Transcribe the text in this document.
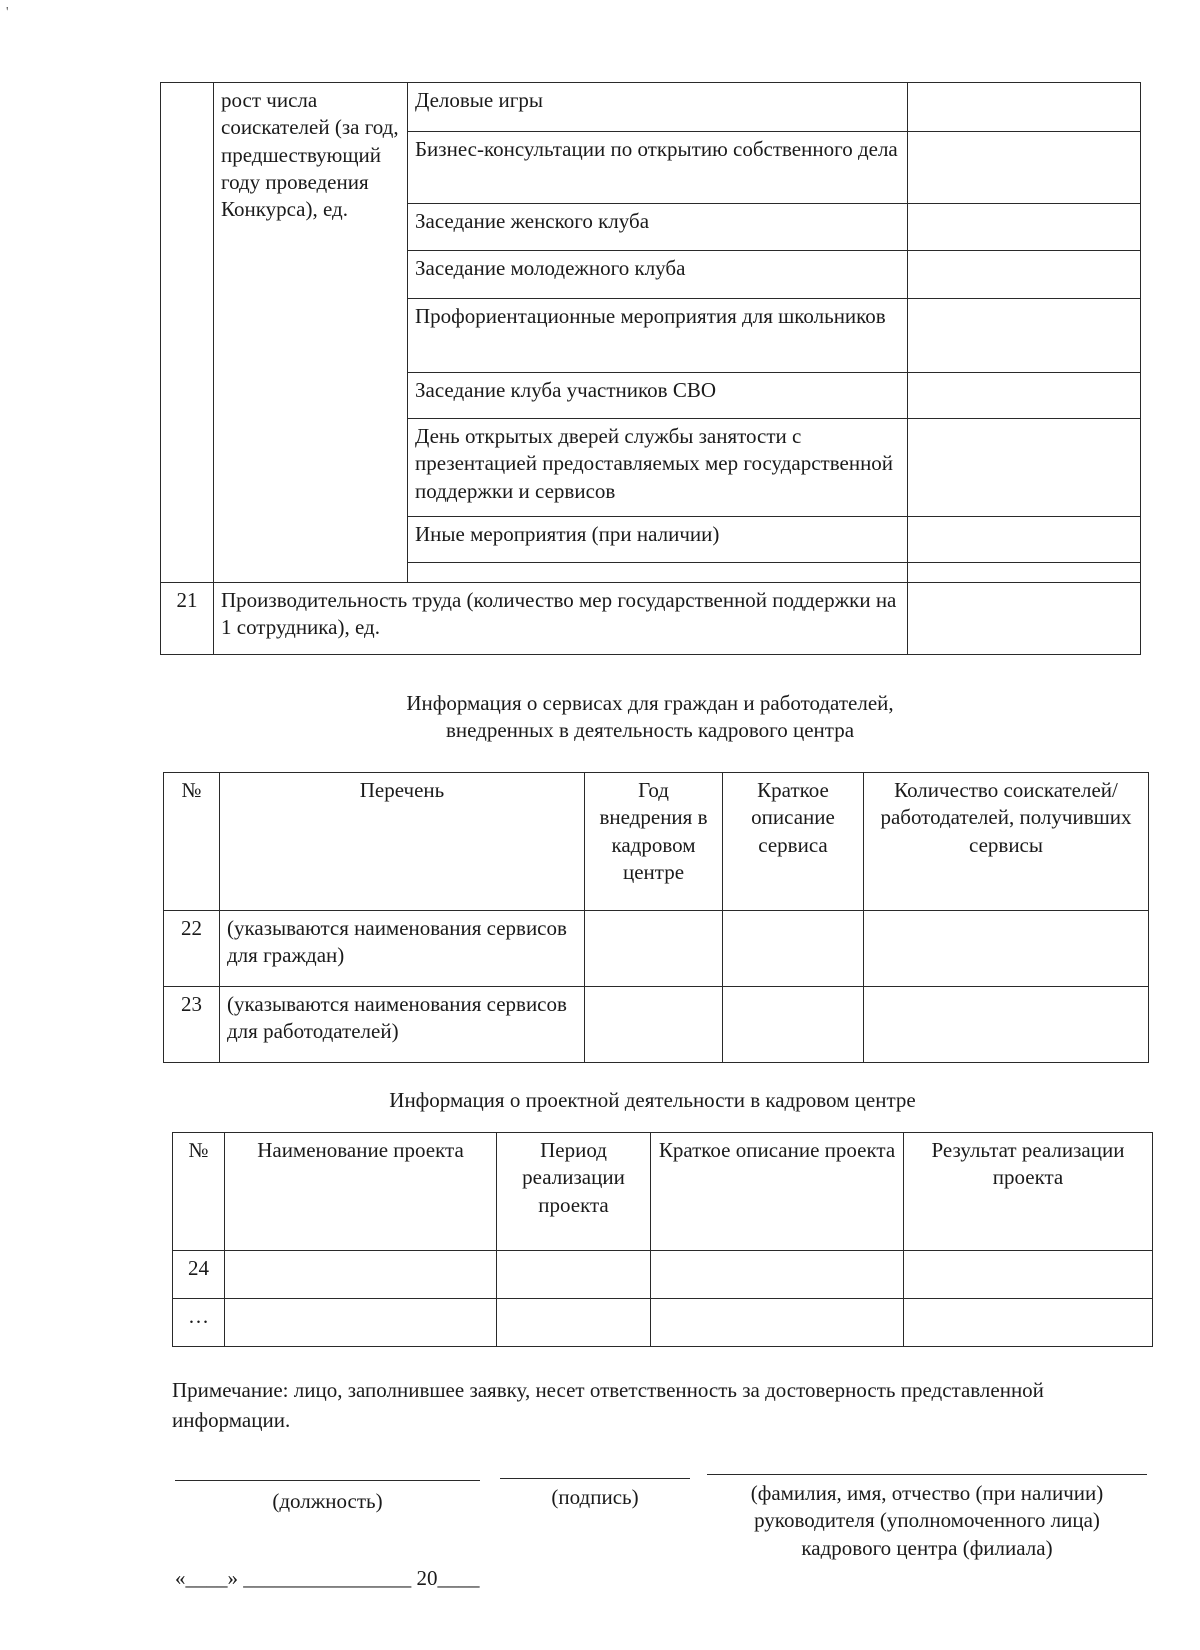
'
	рост числа соискателей (за год, предшествующий году проведения Конкурса), ед.	Деловые игры	
		Бизнес-консультации по открытию собственного дела	
		Заседание женского клуба	
		Заседание молодежного клуба	
		Профориентационные мероприятия для школьников	
		Заседание клуба участников СВО	
		День открытых дверей службы занятости с презентацией предоставляемых мер государственной поддержки и сервисов	
		Иные мероприятия (при наличии)	

21	Производительность труда (количество мер государственной поддержки на 1 сотрудника), ед.		
Информация о сервисах для граждан и работодателей,
внедренных в деятельность кадрового центра
№	Перечень	Год внедрения в кадровом центре	Краткое описание сервиса	Количество соискателей/ работодателей, получивших сервисы
22	(указываются наименования сервисов для граждан)			
23	(указываются наименования сервисов для работодателей)			
Информация о проектной деятельности в кадровом центре
№	Наименование проекта	Период реализации проекта	Краткое описание проекта	Результат реализации проекта
24				
…				
Примечание: лицо, заполнившее заявку, несет ответственность за достоверность представленной информации.
(должность)	(подпись)	(фамилия, имя, отчество (при наличии)
руководителя (уполномоченного лица)
кадрового центра (филиала)
«____» ________________ 20____
